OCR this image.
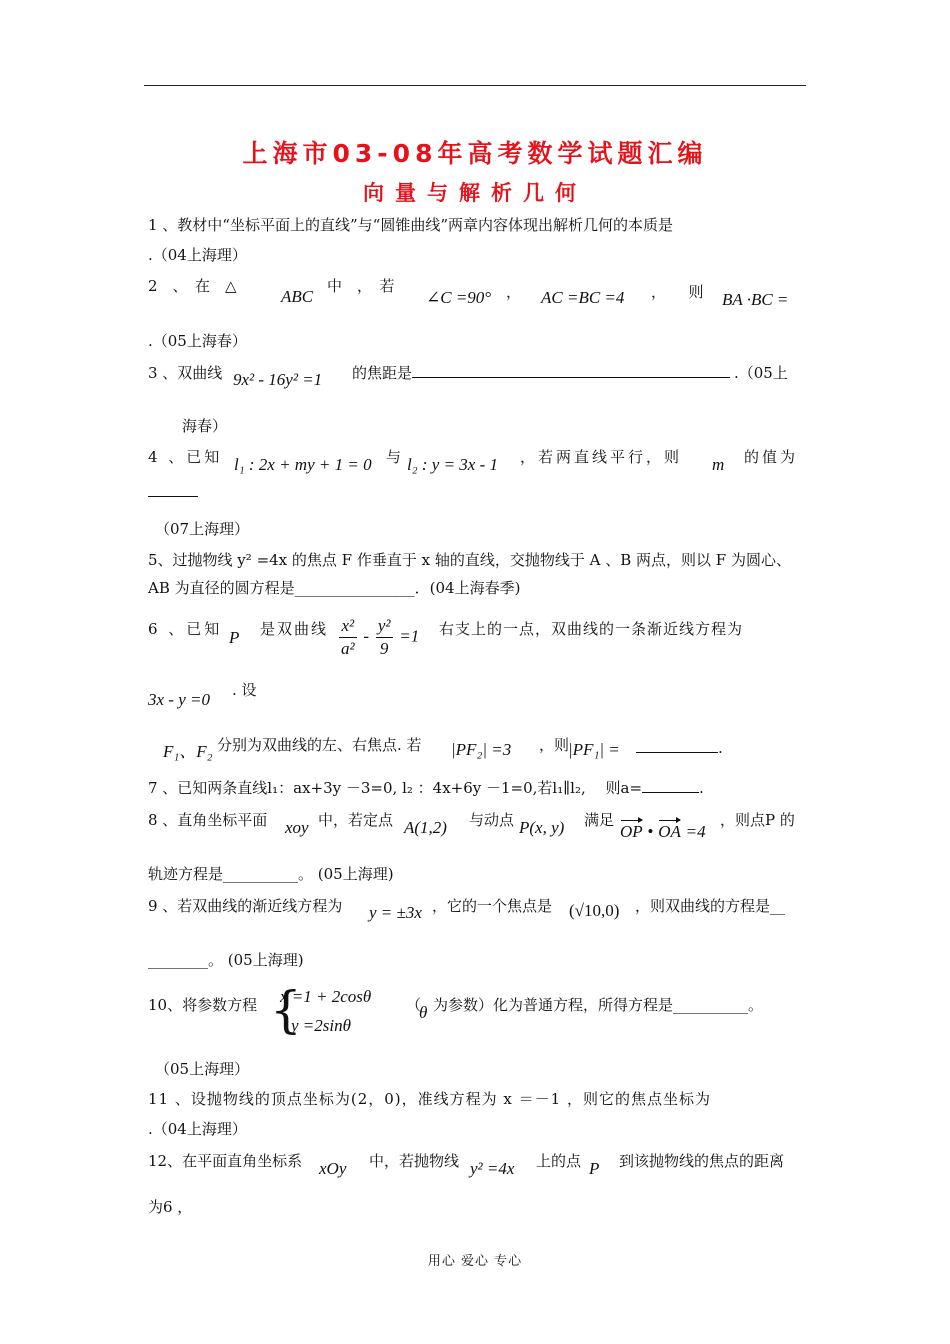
上海市03-08年高考数学试题汇编
向量与解析几何
1 、教材中“坐标平面上的直线”与“圆锥曲线”两章内容体现出解析几何的本质是
.（04上海理）
2　、　在　△
ABC
中　，　若
∠C =90° ， AC =BC =4 ，　　则 BA ·BC =
.（05上海春）
3 、双曲线 9x² - 16y² =1 的焦距是	.（05上
海春）
4 、已知 l₁ : 2x + my + 1 = 0 与 l₂ : y = 3x - 1 ，若两直线平行，则 m 的值为
（07上海理）
5、过抛物线 y² =4x 的焦点 F 作垂直于 x 轴的直线，交抛物线于 A 、B 两点，则以 F 为圆心、
AB 为直径的圆方程是________________．(04上海春季)
6 、已知 P 是双曲线 $\frac{\text{x²}}{\text{a²}} - \frac{\text{y²}}{9} =1$ 右支上的一点，双曲线的一条渐近线方程为
3x - y =0 . 设
F₁、F₂ 分别为双曲线的左、右焦点. 若 |PF₂| =3 ，则
|PF₁| =	.
7 、已知两条直线l₁：ax+3y －3=0, l₂ ：4x+6y －1=0,若l₁∥l₂, 　则a=	.
8 、直角坐标平面 xoy 中，若定点 A(1,2) 与动点 P(x, y) 满足
OP • OA =4
，则点P 的
轨迹方程是__________。 (05上海理)
9 、若双曲线的渐近线方程为 y = ±3x ，它的一个焦点是 (√10,0) ，则双曲线的方程是__
________。 (05上海理)
10、将参数方程 {
x =1 + 2cosθ
y =2sinθ
（
θ 为参数）化为普通方程，所得方程是__________。
（05上海理）
11 、设抛物线的顶点坐标为(2，0)，准线方程为 x ＝－1 ，则它的焦点坐标为
.（04上海理）
12、在平面直角坐标系 xOy 中，若抛物线 y² =4x 上的点 P 到该抛物线的焦点的距离
为6 ，
用心 爱心 专心
